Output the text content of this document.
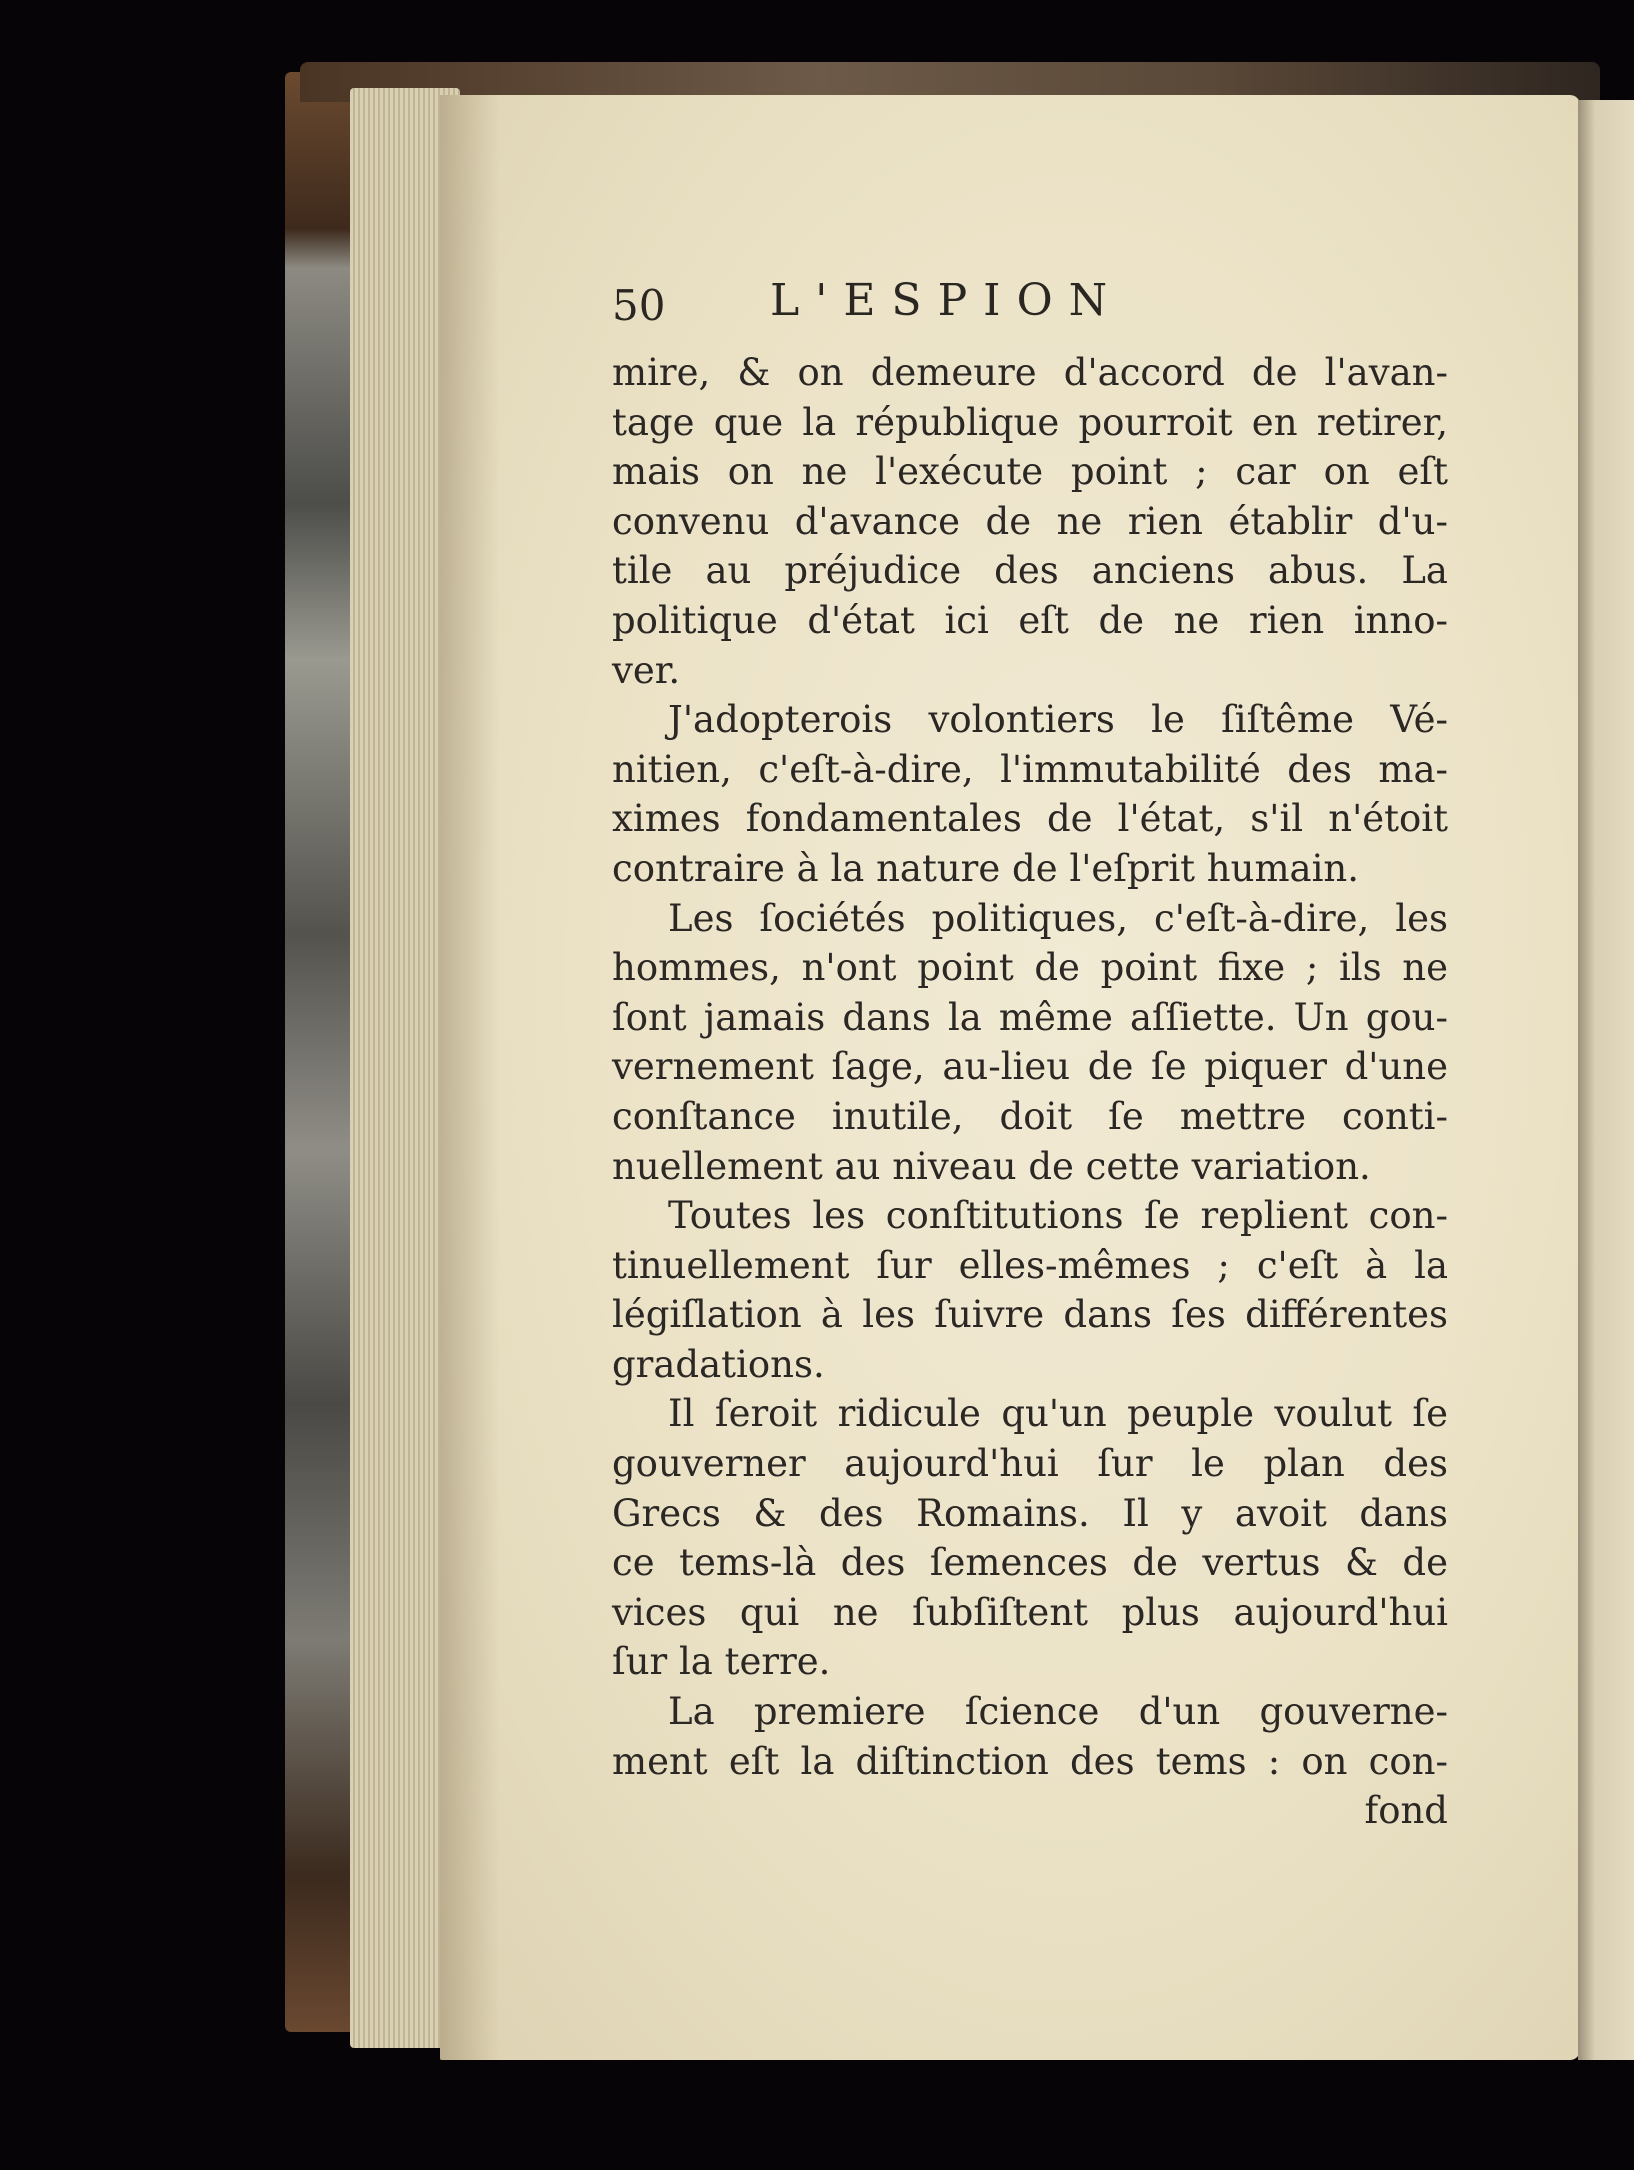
50 L'ESPION
mire, & on demeure d'accord de l'avan-
tage que la république pourroit en retirer,
mais on ne l'exécute point ; car on eſt
convenu d'avance de ne rien établir d'u-
tile au préjudice des anciens abus. La
politique d'état ici eſt de ne rien inno-
ver.
J'adopterois volontiers le ſiſtême Vé-
nitien, c'eſt-à-dire, l'immutabilité des ma-
ximes fondamentales de l'état, s'il n'étoit
contraire à la nature de l'eſprit humain.
Les ſociétés politiques, c'eſt-à-dire, les
hommes, n'ont point de point fixe ; ils ne
ſont jamais dans la même aſſiette. Un gou-
vernement ſage, au-lieu de ſe piquer d'une
conſtance inutile, doit ſe mettre conti-
nuellement au niveau de cette variation.
Toutes les conſtitutions ſe replient con-
tinuellement ſur elles-mêmes ; c'eſt à la
légiſlation à les ſuivre dans ſes différentes
gradations.
Il ſeroit ridicule qu'un peuple voulut ſe
gouverner aujourd'hui ſur le plan des
Grecs & des Romains. Il y avoit dans
ce tems-là des ſemences de vertus & de
vices qui ne ſubſiſtent plus aujourd'hui
ſur la terre.
La premiere ſcience d'un gouverne-
ment eſt la diſtinction des tems : on con-
fond
